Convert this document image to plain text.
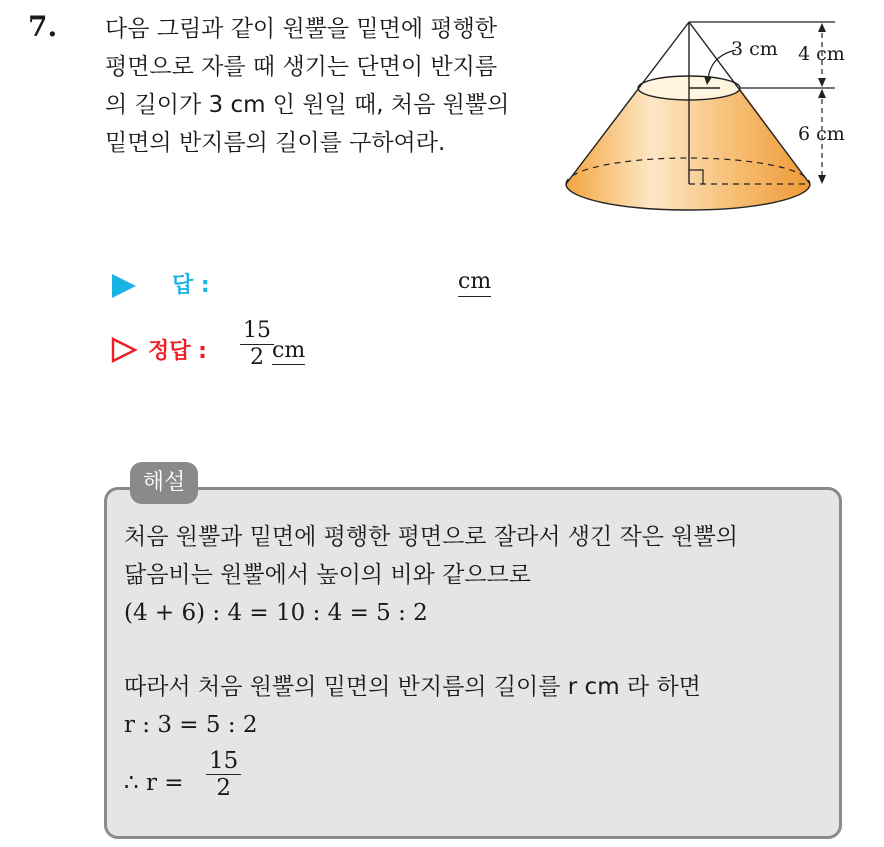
7. 다음 그림과 같이 원뿔을 밑면에 평행한
평면으로 자를 때 생기는 단면이 반지름
의 길이가 3 cm 인 원일 때, 처음 원뿔의
밑면의 반지름의 길이를 구하여라.
3 cm 4 cm
6 cm
답 :	cm
정답 :
15
2 cm
해설
처음 원뿔과 밑면에 평행한 평면으로 잘라서 생긴 작은 원뿔의
닮음비는 원뿔에서 높이의 비와 같으므로
(4 + 6) : 4 = 10 : 4 = 5 : 2
따라서 처음 원뿔의 밑면의 반지름의 길이를 r cm 라 하면
r : 3 = 5 : 2
∴ r =
15
2
